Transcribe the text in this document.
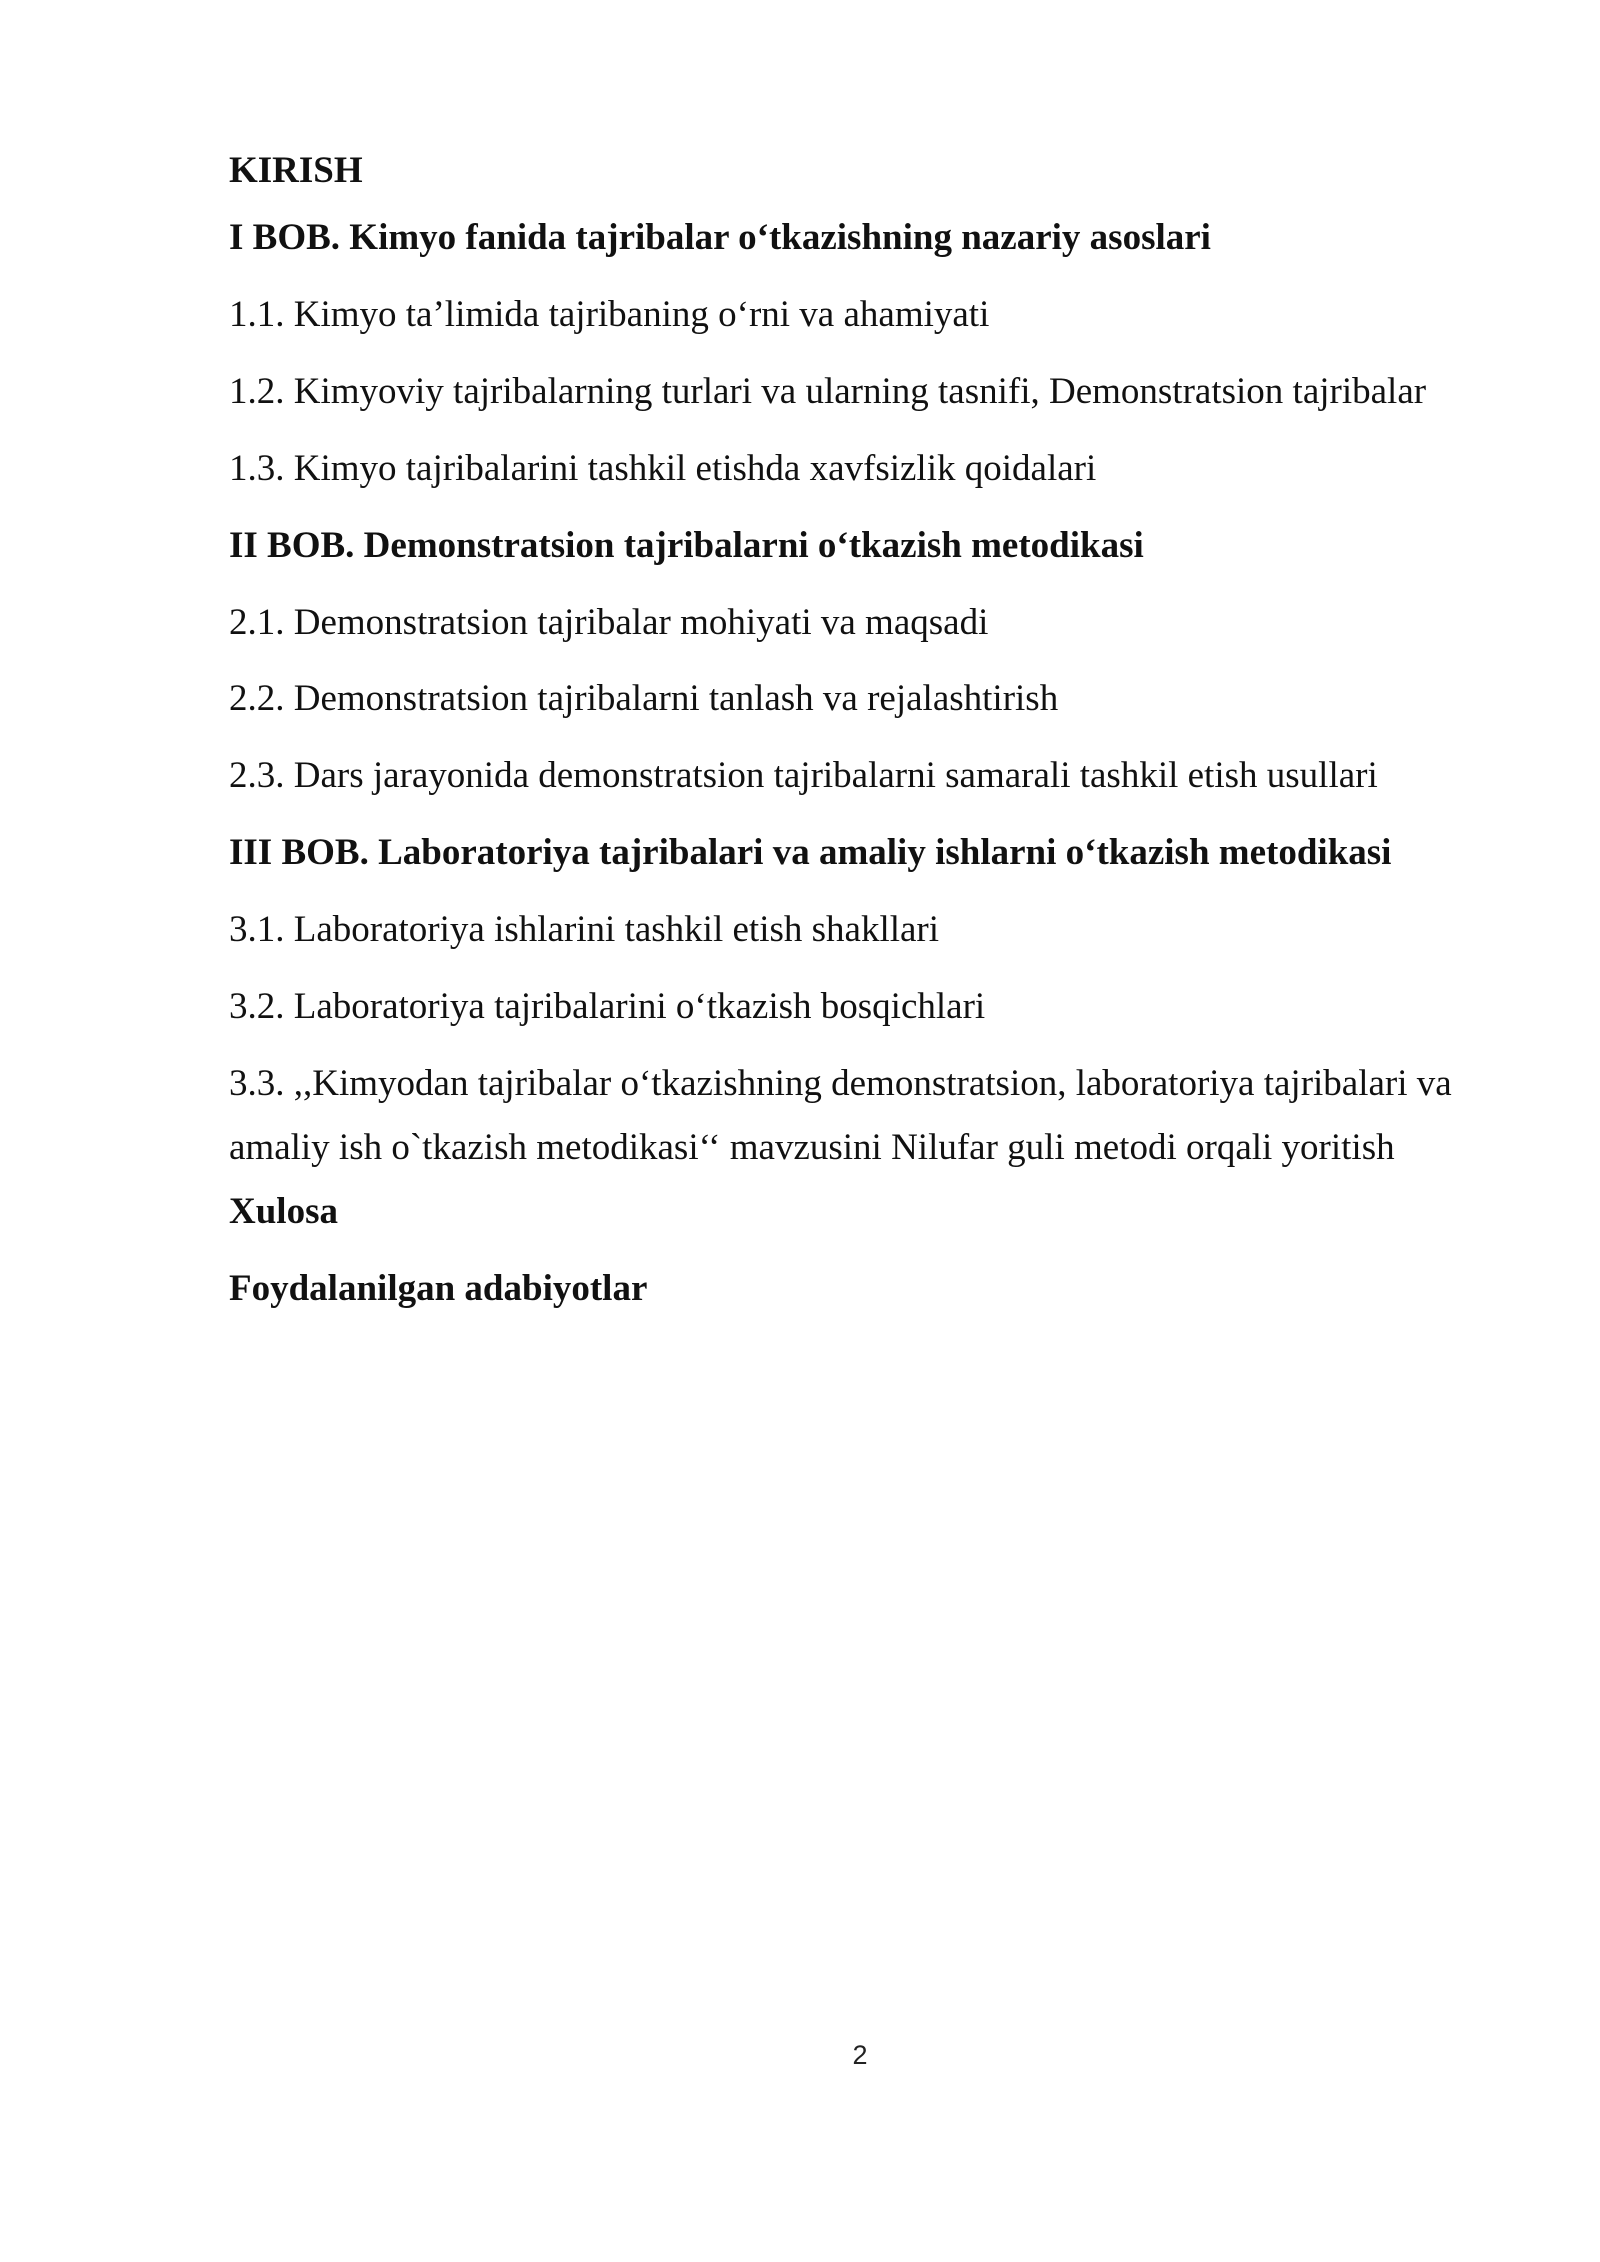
KIRISH
I BOB. Kimyo fanida tajribalar o‘tkazishning nazariy asoslari
1.1. Kimyo ta’limida tajribaning o‘rni va ahamiyati
1.2. Kimyoviy tajribalarning turlari va ularning tasnifi, Demonstratsion tajribalar
1.3. Kimyo tajribalarini tashkil etishda xavfsizlik qoidalari
II BOB. Demonstratsion tajribalarni o‘tkazish metodikasi
2.1. Demonstratsion tajribalar mohiyati va maqsadi
2.2. Demonstratsion tajribalarni tanlash va rejalashtirish
2.3. Dars jarayonida demonstratsion tajribalarni samarali tashkil etish usullari
III BOB. Laboratoriya tajribalari va amaliy ishlarni o‘tkazish metodikasi
3.1. Laboratoriya ishlarini tashkil etish shakllari
3.2. Laboratoriya tajribalarini o‘tkazish bosqichlari
3.3. ,,Kimyodan tajribalar o‘tkazishning demonstratsion, laboratoriya tajribalari va
amaliy ish o`tkazish metodikasi‘‘ mavzusini Nilufar guli metodi orqali yoritish
Xulosa
Foydalanilgan adabiyotlar
2
